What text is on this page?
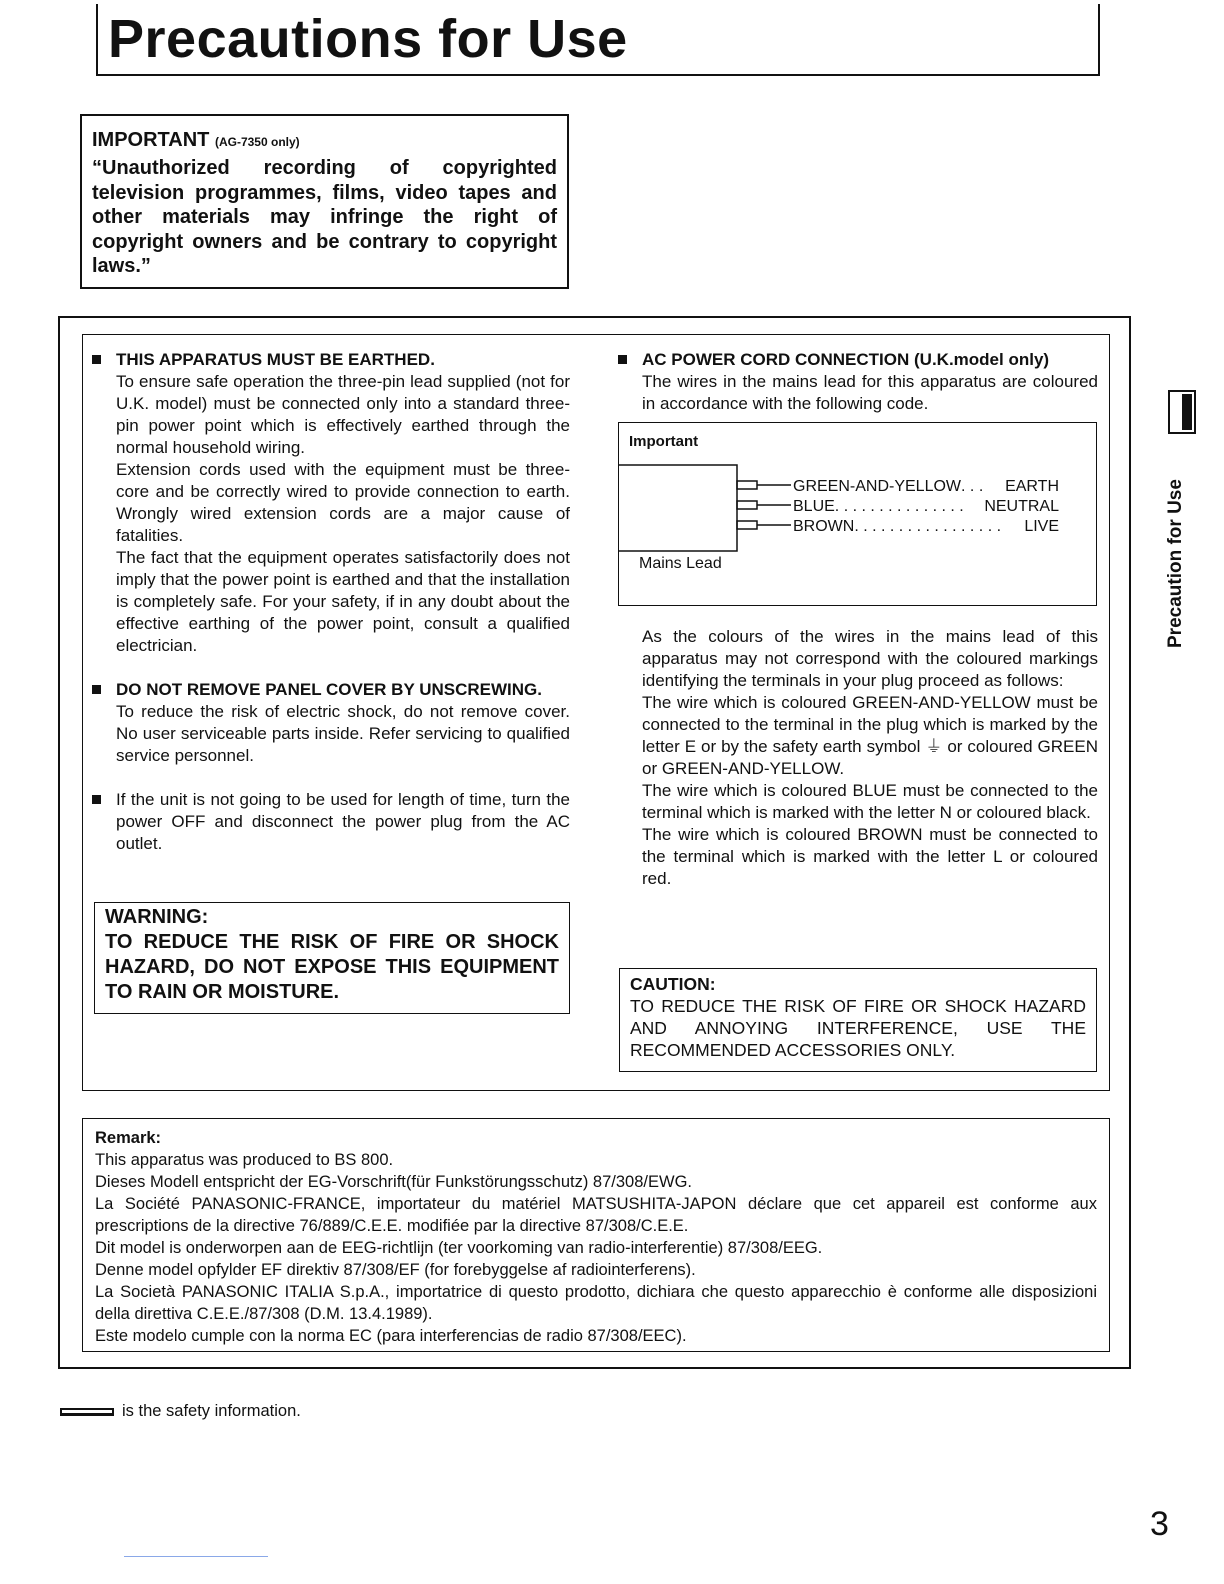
Precautions for Use
IMPORTANT (AG-7350 only)
“Unauthorized recording of copyrighted television programmes, films, video tapes and other materials may infringe the right of copyright owners and be contrary to copyright laws.”
THIS APPARATUS MUST BE EARTHED.
To ensure safe operation the three-pin lead supplied (not for U.K. model) must be connected only into a standard three-pin power point which is effectively earthed through the normal household wiring.
Extension cords used with the equipment must be three-core and be correctly wired to provide connection to earth. Wrongly wired extension cords are a major cause of fatalities.
The fact that the equipment operates satisfactorily does not imply that the power point is earthed and that the installation is completely safe. For your safety, if in any doubt about the effective earthing of the power point, consult a qualified electrician.
DO NOT REMOVE PANEL COVER BY UNSCREWING.
To reduce the risk of electric shock, do not remove cover. No user serviceable parts inside. Refer servicing to qualified service personnel.
If the unit is not going to be used for length of time, turn the power OFF and disconnect the power plug from the AC outlet.
WARNING:
TO REDUCE THE RISK OF FIRE OR SHOCK HAZARD, DO NOT EXPOSE THIS EQUIPMENT TO RAIN OR MOISTURE.
AC POWER CORD CONNECTION (U.K.model only)
The wires in the mains lead for this apparatus are coloured in accordance with the following code.
Important
GREEN-AND-YELLOW . . .	EARTH
BLUE . . . . . . . . . . . . . . .	NEUTRAL
BROWN . . . . . . . . . . . . . . . . .	LIVE
Mains Lead
As the colours of the wires in the mains lead of this apparatus may not correspond with the coloured markings identifying the terminals in your plug proceed as follows:
The wire which is coloured GREEN-AND-YELLOW must be connected to the terminal in the plug which is marked by the letter E or by the safety earth symbol ⏚ or coloured GREEN or GREEN-AND-YELLOW.
The wire which is coloured BLUE must be connected to the terminal which is marked with the letter N or coloured black.
The wire which is coloured BROWN must be connected to the terminal which is marked with the letter L or coloured red.
CAUTION:
TO REDUCE THE RISK OF FIRE OR SHOCK HAZARD AND ANNOYING INTERFERENCE, USE THE RECOMMENDED ACCESSORIES ONLY.
Remark:
This apparatus was produced to BS 800.
Dieses Modell entspricht der EG-Vorschrift(für Funkstörungsschutz) 87/308/EWG.
La Société PANASONIC-FRANCE, importateur du matériel MATSUSHITA-JAPON déclare que cet appareil est conforme aux prescriptions de la directive 76/889/C.E.E. modifiée par la directive 87/308/C.E.E.
Dit model is onderworpen aan de EEG-richtlijn (ter voorkoming van radio-interferentie) 87/308/EEG.
Denne model opfylder EF direktiv 87/308/EF (for forebyggelse af radiointerferens).
La Società PANASONIC ITALIA S.p.A., importatrice di questo prodotto, dichiara che questo apparecchio è conforme alle disposizioni della direttiva C.E.E./87/308 (D.M. 13.4.1989).
Este modelo cumple con la norma EC (para interferencias de radio 87/308/EEC).
Precaution for Use
is the safety information.
3
